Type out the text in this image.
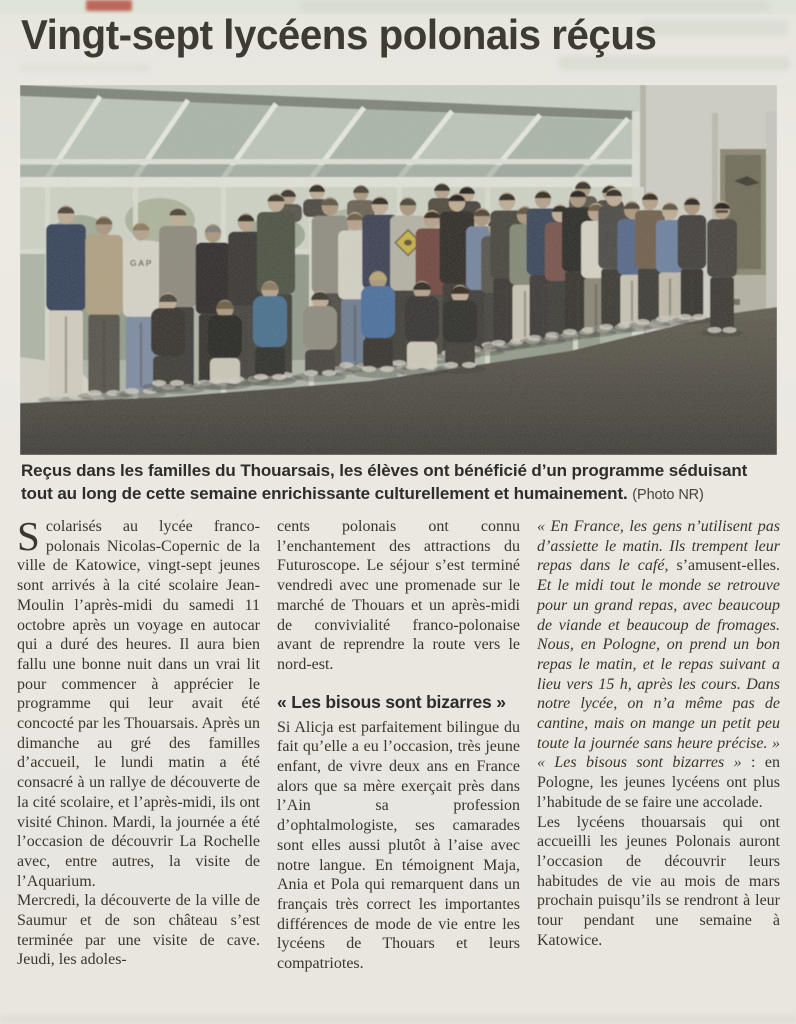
Vingt-sept lycéens polonais réçus
Reçus dans les familles du Thouarsais, les élèves ont bénéficié d’un programme séduisant tout au long de cette semaine enrichissante culturellement et humainement. (Photo NR)

Scolarisés au lycée franco-polonais Nicolas-Copernic de la ville de Katowice, vingt-sept jeunes sont arrivés à la cité scolaire Jean-Moulin l’après-midi du samedi 11 octobre après un voyage en autocar qui a duré des heures. Il aura bien fallu une bonne nuit dans un vrai lit pour commencer à apprécier le programme qui leur avait été concocté par les Thouarsais. Après un dimanche au gré des familles d’accueil, le lundi matin a été consacré à un rallye de découverte de la cité scolaire, et l’après-midi, ils ont visité Chinon. Mardi, la journée a été l’occasion de découvrir La Rochelle avec, entre autres, la visite de l’Aquarium.

Mercredi, la découverte de la ville de Saumur et de son château s’est terminée par une visite de cave. Jeudi, les adoles-

cents polonais ont connu l’enchantement des attractions du Futuroscope. Le séjour s’est terminé vendredi avec une promenade sur le marché de Thouars et un après-midi de convivialité franco-polonaise avant de reprendre la route vers le nord-est.

« Les bisous sont bizarres »

Si Alicja est parfaitement bilingue du fait qu’elle a eu l’occasion, très jeune enfant, de vivre deux ans en France alors que sa mère exerçait près dans l’Ain sa profession d’ophtalmologiste, ses camarades sont elles aussi plutôt à l’aise avec notre langue. En témoignent Maja, Ania et Pola qui remarquent dans un français très correct les importantes différences de mode de vie entre les lycéens de Thouars et leurs compatriotes.

« En France, les gens n’utilisent pas d’assiette le matin. Ils trempent leur repas dans le café, s’amusent-elles. Et le midi tout le monde se retrouve pour un grand repas, avec beaucoup de viande et beaucoup de fromages. Nous, en Pologne, on prend un bon repas le matin, et le repas suivant a lieu vers 15 h, après les cours. Dans notre lycée, on n’a même pas de cantine, mais on mange un petit peu toute la journée sans heure précise. » « Les bisous sont bizarres » : en Pologne, les jeunes lycéens ont plus l’habitude de se faire une accolade.

Les lycéens thouarsais qui ont accueilli les jeunes Polonais auront l’occasion de découvrir leurs habitudes de vie au mois de mars prochain puisqu’ils se rendront à leur tour pendant une semaine à Katowice.
